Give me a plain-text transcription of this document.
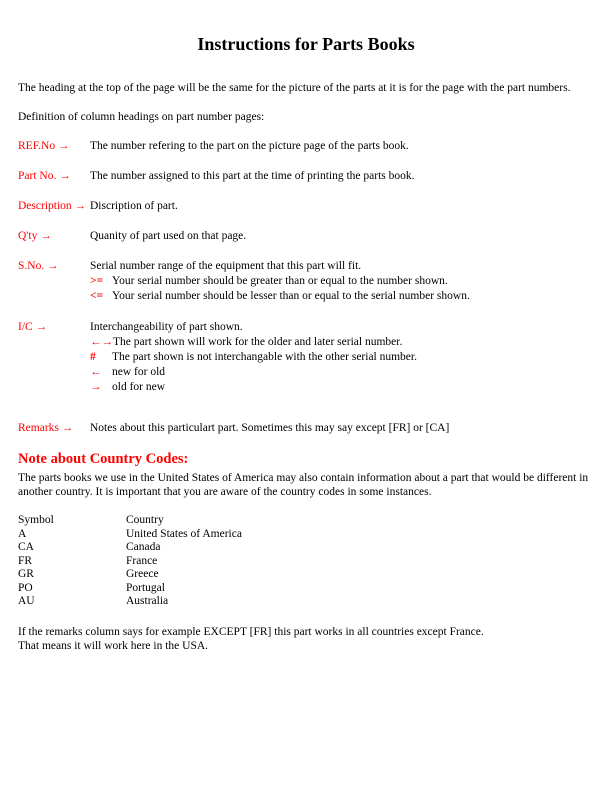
Instructions for Parts Books

The heading at the top of the page will be the same for the picture of the parts at it is for the page with the part numbers.

Definition of column headings on part number pages:

REF.No →	The number refering to the part on the picture page of the parts book.
Part No. →	The number assigned to this part at the time of printing the parts book.
Description → Discription of part.
Q'ty →	Quanity of part used on that page.
S.No. →	Serial number range of the equipment that this part will fit.
>= Your serial number should be greater than or equal to the number shown.
<= Your serial number should be lesser than or equal to the serial number shown.
I/C →	Interchangeability of part shown.
←→ The part shown will work for the older and later serial number.
#	The part shown is not interchangable with the other serial number.
← new for old
→ old for new
Remarks →	Notes about this particulart part. Sometimes this may say except [FR] or [CA]
Note about Country Codes:

The parts books we use in the United States of America may also contain information about a part that would be different in another country. It is important that you are aware of the country codes in some instances.

Symbol	Country
A	United States of America
CA	Canada
FR	France
GR	Greece
PO	Portugal
AU	Australia
If the remarks column says for example EXCEPT [FR] this part works in all countries except France.
That means it will work here in the USA.
